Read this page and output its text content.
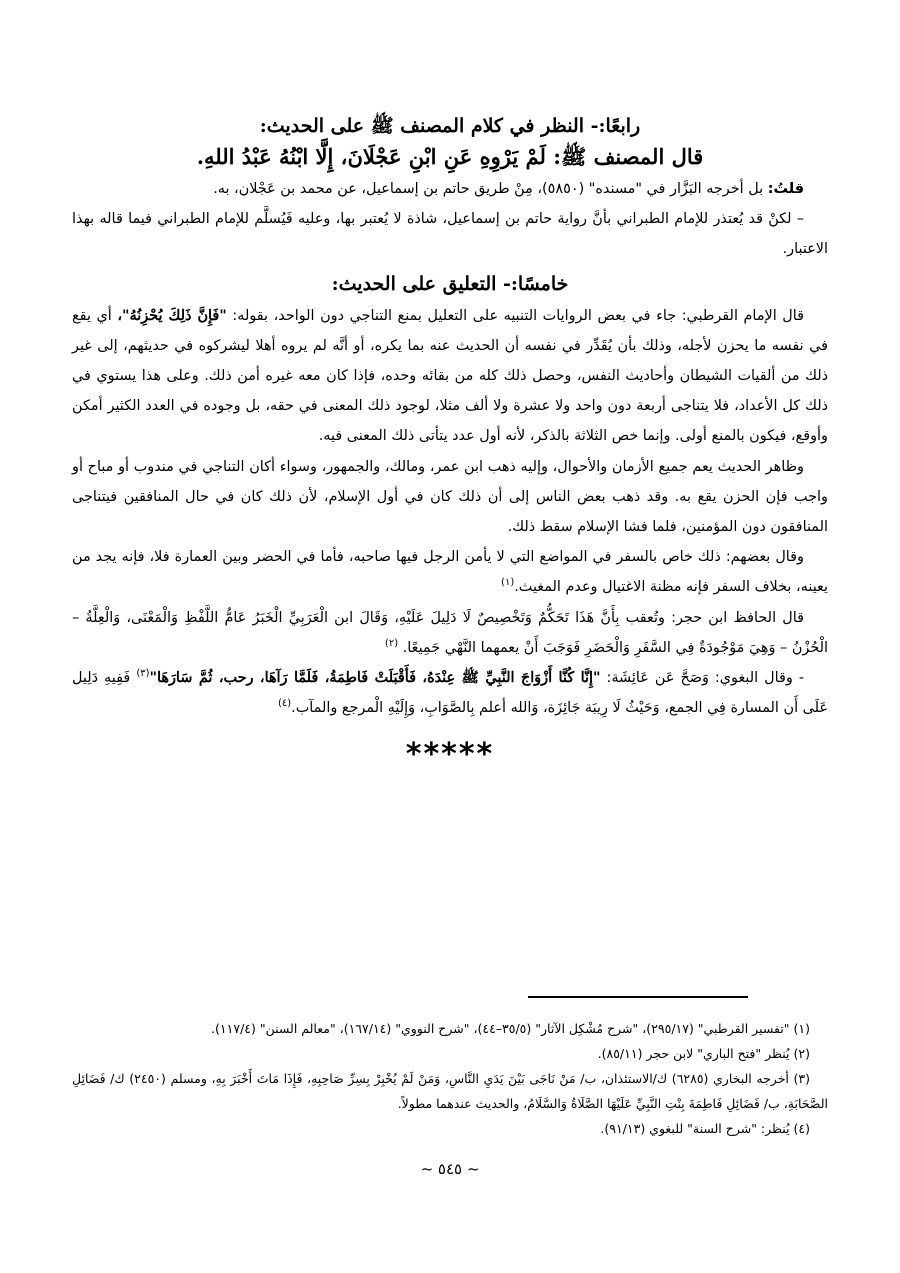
رابعًا:- النظر في كلام المصنف ﷺ على الحديث:
قال المصنف ﷺ: لَمْ يَرْوِهِ عَنِ ابْنِ عَجْلَانَ، إِلَّا ابْنُهُ عَبْدُ اللهِ.

قلتُ: بل أخرجه البَزَّار في "مسنده" (٥٨٥٠)، مِنْ طريق حاتم بن إسماعيل، عن محمد بن عَجْلان، به.

– لكنْ قد يُعتذر للإمام الطبراني بأنَّ رواية حاتم بن إسماعيل، شاذة لا يُعتبر بها، وعليه فَيُسلَّم للإمام الطبراني فيما قاله بهذا الاعتبار.

خامسًا:- التعليق على الحديث:

قال الإمام القرطبي: جاء في بعض الروايات التنبيه على التعليل بمنع التناجي دون الواحد، بقوله: "فَإِنَّ ذَلِكَ يُحْزِنُهُ"، أي يقع في نفسه ما يحزن لأجله، وذلك بأن يُقَدِّر في نفسه أن الحديث عنه بما يكره، أو أنَّه لم يروه أهلا ليشركوه في حديثهم، إلى غير ذلك من ألقيات الشيطان وأحاديث النفس، وحصل ذلك كله من بقائه وحده، فإذا كان معه غيره أمن ذلك. وعلى هذا يستوي في ذلك كل الأعداد، فلا يتناجى أربعة دون واحد ولا عشرة ولا ألف مثلا، لوجود ذلك المعنى في حقه، بل وجوده في العدد الكثير أمكن وأوقع، فيكون بالمنع أولى. وإنما خص الثلاثة بالذكر، لأنه أول عدد يتأتى ذلك المعنى فيه.

وظاهر الحديث يعم جميع الأزمان والأحوال، وإليه ذهب ابن عمر، ومالك، والجمهور، وسواء أكان التناجي في مندوب أو مباح أو واجب فإن الحزن يقع به. وقد ذهب بعض الناس إلى أن ذلك كان في أول الإسلام، لأن ذلك كان في حال المنافقين فيتناجى المنافقون دون المؤمنين، فلما فشا الإسلام سقط ذلك.

وقال بعضهم: ذلك خاص بالسفر في المواضع التي لا يأمن الرجل فيها صاحبه، فأما في الحضر وبين العمارة فلا، فإنه يجد من يعينه، بخلاف السفر فإنه مظنة الاغتيال وعدم المغيث.$^{(١)}$

قال الحافظ ابن حجر: وتُعقب بِأَنَّ هَذَا تَحَكُّمٌ وَتَخْصِيصٌ لَا دَلِيلَ عَلَيْهِ، وَقَالَ ابن الْعَرَبِيِّ الْخَبَرُ عَامُّ اللَّفْظِ وَالْمَعْنَى، وَالْعِلَّةُ – الْحُزْنُ – وَهِيَ مَوْجُودَةٌ فِي السَّفَرِ وَالْحَضَرِ فَوَجَبَ أَنْ يعمهما النَّهْي جَمِيعًا. $^{(٢)}$

- وقال البغوي: وَصَحَّ عَن عَائِشَة: "إِنَّا كُنَّا أَزْوَاجَ النَّبِيِّ ﷺ عِنْدَهُ، فَأَقْبَلَتْ فَاطِمَةُ، فَلَمَّا رَآهَا، رحب، ثُمَّ سَارَهَا"$^{(٣)}$ فَفِيهِ دَلِيل عَلَى أَن المسارة فِي الجمع، وَحَيْثُ لَا رِيبَة جَائِزَة، وَالله أعلم بِالصَّوَابِ، وَإِلَيْهِ الْمرجع والمآب.$^{(٤)}$

*****

(١) "تفسير القرطبي" (٢٩٥/١٧)، "شرح مُشْكِل الآثار" (٣٥/٥–٤٤)، "شرح النووي" (١٦٧/١٤)، "معالم السنن" (١١٧/٤).

(٢) يُنظر "فتح الباري" لابن حجر (٨٥/١١).

(٣) أخرجه البخاري (٦٢٨٥) ك/الاستئذان، ب/ مَنْ نَاجَى بَيْنَ يَدَيِ النَّاسِ، وَمَنْ لَمْ يُخْبِرْ بِسِرِّ صَاحِبِهِ، فَإِذَا مَاتَ أَخْبَرَ بِهِ، ومسلم (٢٤٥٠) ك/ فَضَائِلِ الصَّحَابَةِ، ب/ فَضَائِلِ فَاطِمَةَ بِنْتِ النَّبِيِّ عَلَيْهَا الصَّلَاةُ وَالسَّلَامُ، والحديث عندهما مطولاً.

(٤) يُنظر: "شرح السنة" للبغوي (٩١/١٣).

~ ٥٤٥ ~
